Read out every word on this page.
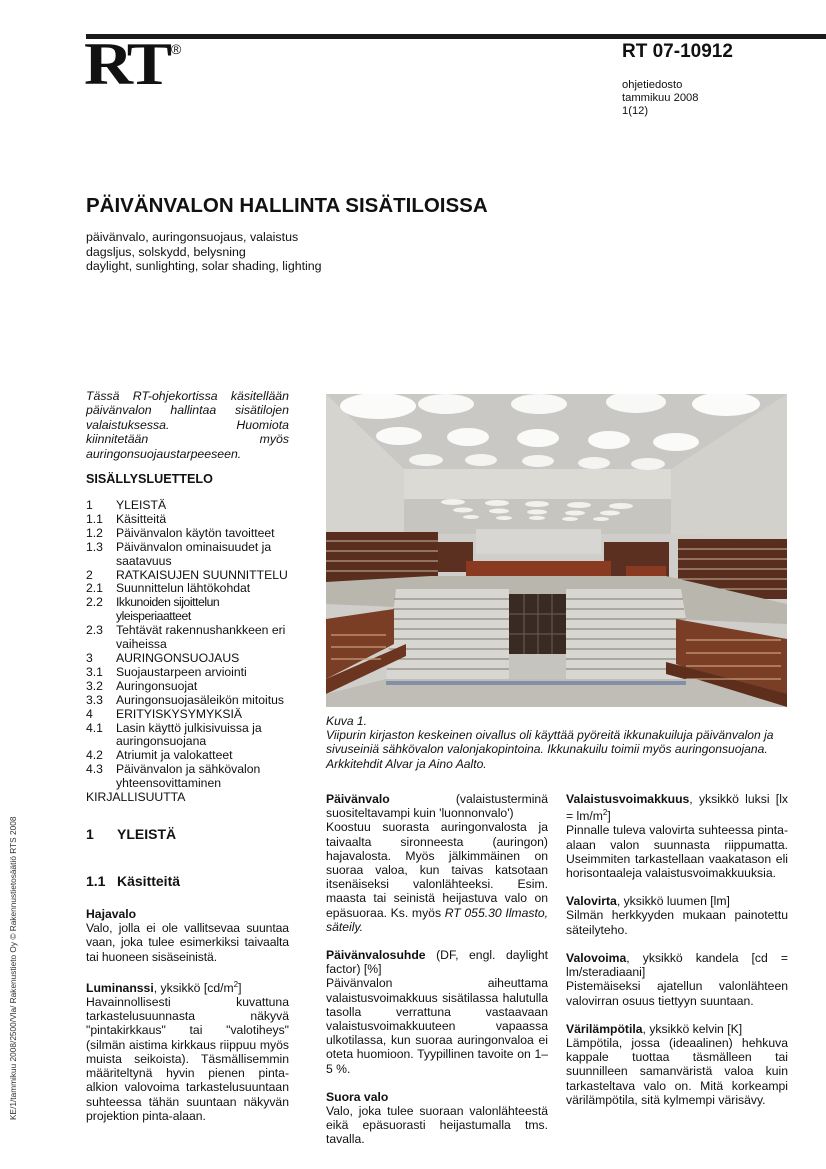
RT ®	RT 07-10912
ohjetiedosto
tammikuu 2008
1(12)
PÄIVÄNVALON HALLINTA SISÄTILOISSA
päivänvalo, auringonsuojaus, valaistus
dagsljus, solskydd, belysning
daylight, sunlighting, solar shading, lighting

Tässä RT-ohjekortissa käsitellään päivänvalon hallintaa sisätilojen valaistuksessa. Huomiota kiinnitetään myös auringonsuojaustarpeeseen.

SISÄLLYSLUETTELO
1	YLEISTÄ
1.1	Käsitteitä
1.2	Päivänvalon käytön tavoitteet
1.3	Päivänvalon ominaisuudet ja saatavuus
2	RATKAISUJEN SUUNNITTELU
2.1	Suunnittelun lähtökohdat
2.2	Ikkunoiden sijoittelun yleisperiaatteet
2.3	Tehtävät rakennushankkeen eri vaiheissa
3	AURINGONSUOJAUS
3.1	Suojaustarpeen arviointi
3.2	Auringonsuojat
3.3	Auringonsuojasäleikön mitoitus
4	ERITYISKYSYMYKSIÄ
4.1	Lasin käyttö julkisivuissa ja auringonsuojana
4.2	Atriumit ja valokatteet
4.3	Päivänvalon ja sähkövalon yhteensovittaminen
KIRJALLISUUTTA
Kuva 1.
Viipurin kirjaston keskeinen oivallus oli käyttää pyöreitä ikkunakuiluja päivänvalon ja sivuseiniä sähkövalon valonjakopintoina. Ikkunakuilu toimii myös auringonsuojana.
Arkkitehdit Alvar ja Aino Aalto.
1 YLEISTÄ
1.1 Käsitteitä
Hajavalo
Valo, jolla ei ole vallitsevaa suuntaa vaan, joka tulee esimerkiksi taivaalta tai huoneen sisäseinistä.
Luminanssi, yksikkö $[cd/m^2]$
Havainnollisesti kuvattuna tarkastelusuunnasta näkyvä "pintakirkkaus" tai "valotiheys" (silmän aistima kirkkaus riippuu myös muista seikoista). Täsmällisemmin määriteltynä hyvin pienen pinta-alkion valovoima tarkastelusuuntaan suhteessa tähän suuntaan näkyvän projektion pinta-alaan.
Päivänvalo (valaistusterminä suositeltavampi kuin 'luonnonvalo')
Koostuu suorasta auringonvalosta ja taivaalta sironneesta (auringon) hajavalosta. Myös jälkimmäinen on suoraa valoa, kun taivas katsotaan itsenäiseksi valonlähteeksi. Esim. maasta tai seinistä heijastuva valo on epäsuoraa. Ks. myös RT 055.30 Ilmasto, säteily.
Päivänvalosuhde (DF, engl. daylight factor) [%]
Päivänvalon aiheuttama valaistusvoimakkuus sisätilassa halutulla tasolla verrattuna vastaavaan valaistusvoimakkuuteen vapaassa ulkotilassa, kun suoraa auringonvaloa ei oteta huomioon. Tyypillinen tavoite on 1–5 %.
Suora valo
Valo, joka tulee suoraan valonlähteestä eikä epäsuorasti heijastumalla tms. tavalla.
Valaistusvoimakkuus, yksikkö luksi $[lx = lm/m^2]$
Pinnalle tuleva valovirta suhteessa pinta-alaan valon suunnasta riippumatta. Useimmiten tarkastellaan vaakatason eli horisontaaleja valaistusvoimakkuuksia.
Valovirta, yksikkö luumen [lm]
Silmän herkkyyden mukaan painotettu säteilyteho.
Valovoima, yksikkö kandela [cd = lm/steradiaani]
Pistemäiseksi ajatellun valonlähteen valovirran osuus tiettyyn suuntaan.
Värilämpötila, yksikkö kelvin [K]
Lämpötila, jossa (ideaalinen) hehkuva kappale tuottaa täsmälleen tai suunnilleen samanväristä valoa kuin tarkasteltava valo on. Mitä korkeampi värilämpötila, sitä kylmempi värisävy.
KE/1/tammikuu 2008/2500/Vla/ Rakenustieto Oy © Rakennustietosäätiö RTS 2008
